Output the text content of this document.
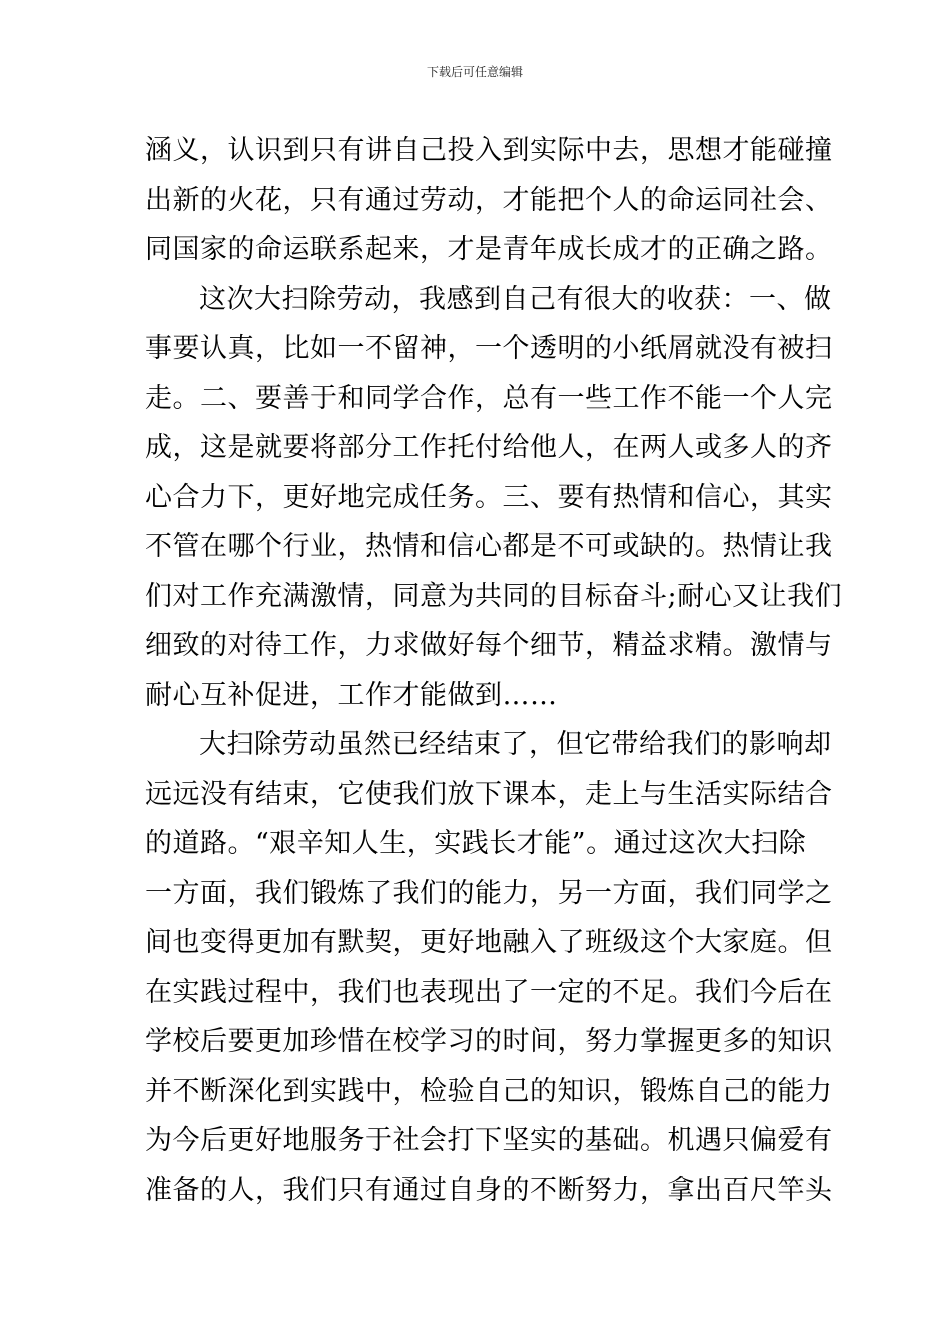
下载后可任意编辑
涵义，认识到只有讲自己投入到实际中去，思想才能碰撞
出新的火花，只有通过劳动，才能把个人的命运同社会、
同国家的命运联系起来，才是青年成长成才的正确之路。
这次大扫除劳动，我感到自己有很大的收获：一、做
事要认真，比如一不留神，一个透明的小纸屑就没有被扫
走。二、要善于和同学合作，总有一些工作不能一个人完
成，这是就要将部分工作托付给他人，在两人或多人的齐
心合力下，更好地完成任务。三、要有热情和信心，其实
不管在哪个行业，热情和信心都是不可或缺的。热情让我
们对工作充满激情，同意为共同的目标奋斗;耐心又让我们
细致的对待工作，力求做好每个细节，精益求精。激情与
耐心互补促进，工作才能做到……
大扫除劳动虽然已经结束了，但它带给我们的影响却
远远没有结束，它使我们放下课本，走上与生活实际结合
的道路。“艰辛知人生，实践长才能”。通过这次大扫除
一方面，我们锻炼了我们的能力，另一方面，我们同学之
间也变得更加有默契，更好地融入了班级这个大家庭。但
在实践过程中，我们也表现出了一定的不足。我们今后在
学校后要更加珍惜在校学习的时间，努力掌握更多的知识
并不断深化到实践中，检验自己的知识，锻炼自己的能力
为今后更好地服务于社会打下坚实的基础。机遇只偏爱有
准备的人，我们只有通过自身的不断努力，拿出百尺竿头
